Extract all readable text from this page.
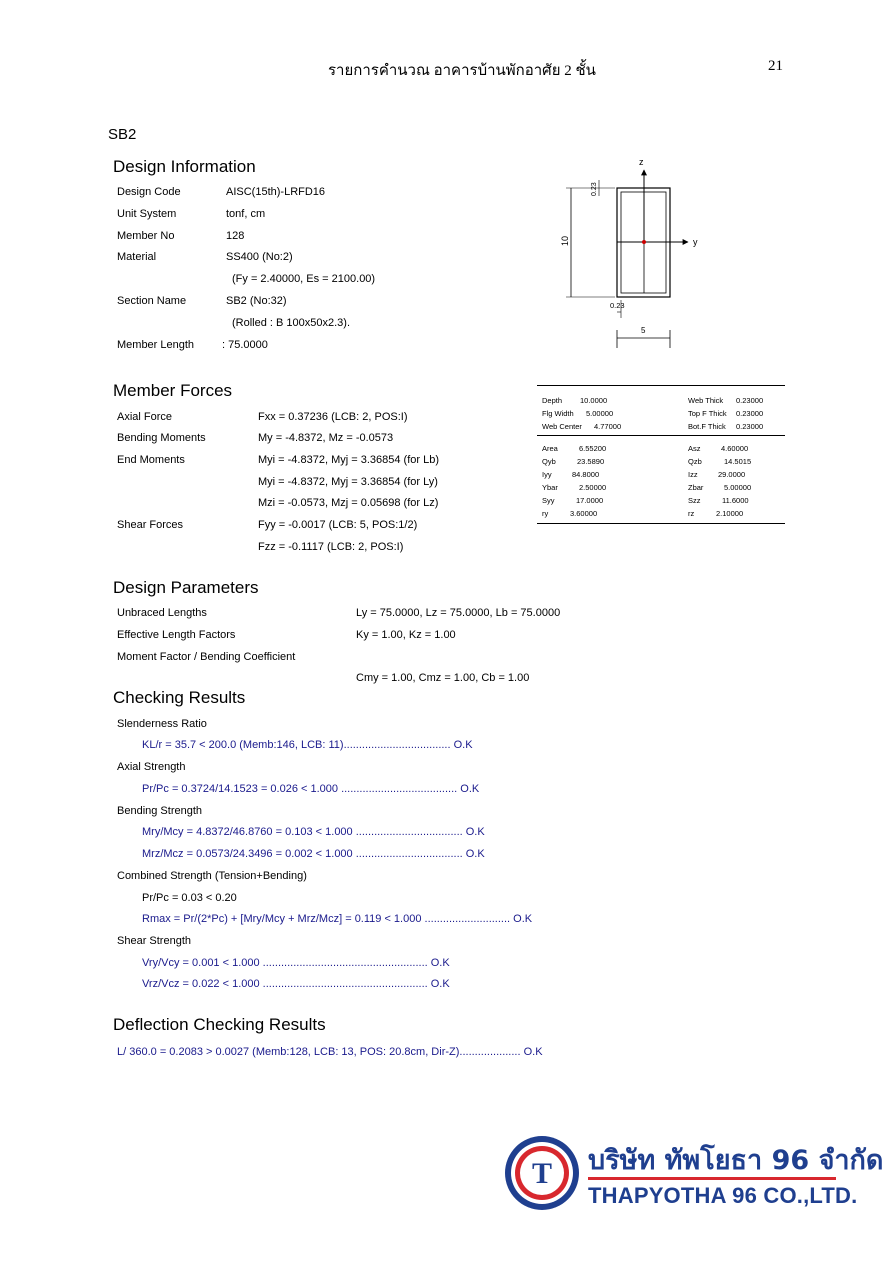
รายการคำนวณ อาคารบ้านพักอาศัย 2 ชั้น	21
SB2
Design Information
Design Code	AISC(15th)-LRFD16
Unit System	tonf, cm
Member No	128
Material	SS400 (No:2)
(Fy = 2.40000, Es = 2100.00)
Section Name	SB2 (No:32)
(Rolled : B 100x50x2.3).
Member Length	: 75.0000
z
y
10
0.23
0.23
5
Member Forces
Axial Force	Fxx = 0.37236 (LCB: 2, POS:I)
Bending Moments	My = -4.8372, Mz = -0.0573
End Moments	Myi = -4.8372, Myj = 3.36854 (for Lb)
Myi = -4.8372, Myj = 3.36854 (for Ly)
Mzi = -0.0573, Mzj = 0.05698 (for Lz)
Shear Forces	Fyy = -0.0017 (LCB: 5, POS:1/2)
Fzz = -0.1117 (LCB: 2, POS:I)
Depth 10.0000	Web Thick 0.23000
Flg Width 5.00000	Top F Thick 0.23000
Web Center 4.77000	Bot.F Thick 0.23000
Area	6.55200	Asz	4.60000
Qyb	23.5890	Qzb	14.5015
Iyy	84.8000	Izz	29.0000
Ybar	2.50000	Zbar	5.00000
Syy	17.0000	Szz	11.6000
ry	3.60000	rz	2.10000
Design Parameters
Unbraced Lengths	Ly = 75.0000, Lz = 75.0000, Lb = 75.0000
Effective Length Factors	Ky = 1.00, Kz = 1.00
Moment Factor / Bending Coefficient
Cmy = 1.00, Cmz = 1.00, Cb = 1.00
Checking Results
Slenderness Ratio
KL/r = 35.7 < 200.0 (Memb:146, LCB: 11)................................... O.K
Axial Strength
Pr/Pc = 0.3724/14.1523 = 0.026 < 1.000 ...................................... O.K
Bending Strength
Mry/Mcy = 4.8372/46.8760 = 0.103 < 1.000 ................................... O.K
Mrz/Mcz = 0.0573/24.3496 = 0.002 < 1.000 ................................... O.K
Combined Strength (Tension+Bending)
Pr/Pc = 0.03 < 0.20
Rmax = Pr/(2*Pc) + [Mry/Mcy + Mrz/Mcz] = 0.119 < 1.000 ............................ O.K
Shear Strength
Vry/Vcy = 0.001 < 1.000 ...................................................... O.K
Vrz/Vcz = 0.022 < 1.000 ...................................................... O.K
Deflection Checking Results
L/ 360.0 = 0.2083 > 0.0027 (Memb:128, LCB: 13, POS: 20.8cm, Dir-Z).................... O.K
T บริษัท ทัพโยธา 96 จำกัด
THAPYOTHA 96 CO.,LTD.
